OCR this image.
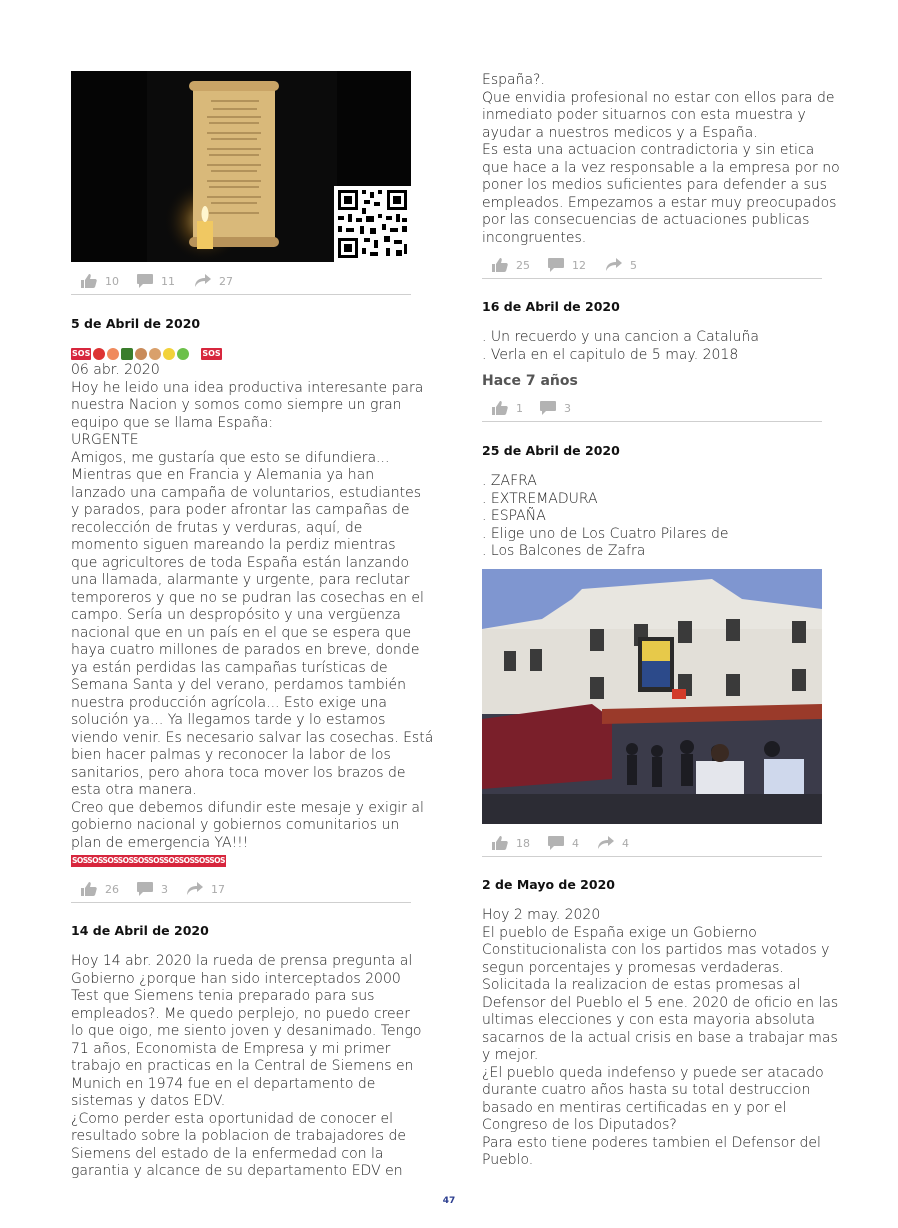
10	11	27
5 de Abril de 2020
SOS	SOS
06 abr. 2020
Hoy he leido una idea productiva interesante para
nuestra Nacion y somos como siempre un gran
equipo que se llama España:
URGENTE
Amigos, me gustaría que esto se difundiera...
Mientras que en Francia y Alemania ya han
lanzado una campaña de voluntarios, estudiantes
y parados, para poder afrontar las campañas de
recolección de frutas y verduras, aquí, de
momento siguen mareando la perdiz mientras
que agricultores de toda España están lanzando
una llamada, alarmante y urgente, para reclutar
temporeros y que no se pudran las cosechas en el
campo. Sería un despropósito y una vergüenza
nacional que en un país en el que se espera que
haya cuatro millones de parados en breve, donde
ya están perdidas las campañas turísticas de
Semana Santa y del verano, perdamos también
nuestra producción agrícola... Esto exige una
solución ya... Ya llegamos tarde y lo estamos
viendo venir. Es necesario salvar las cosechas. Está
bien hacer palmas y reconocer la labor de los
sanitarios, pero ahora toca mover los brazos de
esta otra manera.
Creo que debemos difundir este mesaje y exigir al
gobierno nacional y gobiernos comunitarios un
plan de emergencia YA!!!
SOSSOSSOSSOSSOSSOSSOSSOSSOSSOS
26	3	17
14 de Abril de 2020
Hoy 14 abr. 2020 la rueda de prensa pregunta al
Gobierno ¿porque han sido interceptados 2000
Test que Siemens tenia preparado para sus
empleados?. Me quedo perplejo, no puedo creer
lo que oigo, me siento joven y desanimado. Tengo
71 años, Economista de Empresa y mi primer
trabajo en practicas en la Central de Siemens en
Munich en 1974 fue en el departamento de
sistemas y datos EDV.
¿Como perder esta oportunidad de conocer el
resultado sobre la poblacion de trabajadores de
Siemens del estado de la enfermedad con la
garantia y alcance de su departamento EDV en
España?.
Que envidia profesional no estar con ellos para de
inmediato poder situarnos con esta muestra y
ayudar a nuestros medicos y a España.
Es esta una actuacion contradictoria y sin etica
que hace a la vez responsable a la empresa por no
poner los medios suficientes para defender a sus
empleados. Empezamos a estar muy preocupados
por las consecuencias de actuaciones publicas
incongruentes.
25	12	5
16 de Abril de 2020
. Un recuerdo y una cancion a Cataluña
. Verla en el capitulo de 5 may. 2018
Hace 7 años
1	3
25 de Abril de 2020
. ZAFRA
. EXTREMADURA
. ESPAÑA
. Elige uno de Los Cuatro Pilares de
. Los Balcones de Zafra
18	4	4
2 de Mayo de 2020
Hoy 2 may. 2020
El pueblo de España exige un Gobierno
Constitucionalista con los partidos mas votados y
segun porcentajes y promesas verdaderas.
Solicitada la realizacion de estas promesas al
Defensor del Pueblo el 5 ene. 2020 de oficio en las
ultimas elecciones y con esta mayoria absoluta
sacarnos de la actual crisis en base a trabajar mas
y mejor.
¿El pueblo queda indefenso y puede ser atacado
durante cuatro años hasta su total destruccion
basado en mentiras certificadas en y por el
Congreso de los Diputados?
Para esto tiene poderes tambien el Defensor del
Pueblo.
47
